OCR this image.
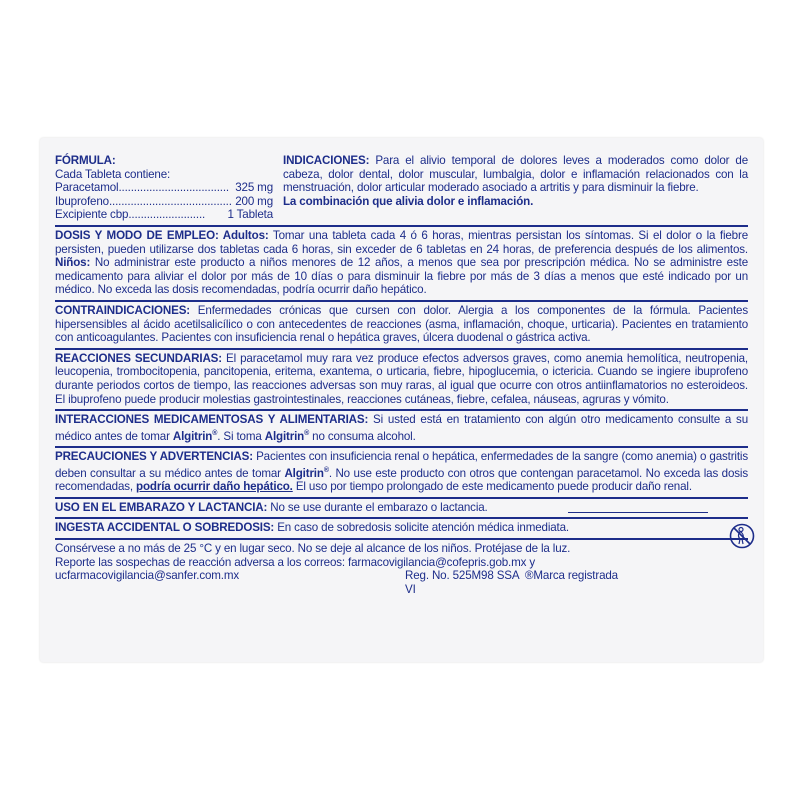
FÓRMULA:

Cada Tableta contiene:

Paracetamol .................................... 325 mg
Ibuprofeno ........................................ 200 mg
Excipiente cbp .........................	1 Tableta

INDICACIONES: Para el alivio temporal de dolores leves a moderados como dolor de cabeza, dolor dental, dolor muscular, lumbalgia, dolor e inflamación relacionados con la menstruación, dolor articular moderado asociado a artritis y para disminuir la fiebre.

La combinación que alivia dolor e inflamación.

DOSIS Y MODO DE EMPLEO: Adultos: Tomar una tableta cada 4 ó 6 horas, mientras persistan los síntomas. Si el dolor o la fiebre persisten, pueden utilizarse dos tabletas cada 6 horas, sin exceder de 6 tabletas en 24 horas, de preferencia después de los alimentos. Niños: No administrar este producto a niños menores de 12 años, a menos que sea por prescripción médica. No se administre este medicamento para aliviar el dolor por más de 10 días o para disminuir la fiebre por más de 3 días a menos que esté indicado por un médico. No exceda las dosis recomendadas, podría ocurrir daño hepático.

CONTRAINDICACIONES: Enfermedades crónicas que cursen con dolor. Alergia a los componentes de la fórmula. Pacientes hipersensibles al ácido acetilsalicílico o con antecedentes de reacciones (asma, inflamación, choque, urticaria). Pacientes en tratamiento con anticoagulantes. Pacientes con insuficiencia renal o hepática graves, úlcera duodenal o gástrica activa.

REACCIONES SECUNDARIAS: El paracetamol muy rara vez produce efectos adversos graves, como anemia hemolítica, neutropenia, leucopenia, trombocitopenia, pancitopenia, eritema, exantema, o urticaria, fiebre, hipoglucemia, o ictericia. Cuando se ingiere ibuprofeno durante periodos cortos de tiempo, las reacciones adversas son muy raras, al igual que ocurre con otros antiinflamatorios no esteroideos. El ibuprofeno puede producir molestias gastrointestinales, reacciones cutáneas, fiebre, cefalea, náuseas, agruras y vómito.

INTERACCIONES MEDICAMENTOSAS Y ALIMENTARIAS: Si usted está en tratamiento con algún otro medicamento consulte a su médico antes de tomar Algitrin®. Si toma Algitrin® no consuma alcohol.

PRECAUCIONES Y ADVERTENCIAS: Pacientes con insuficiencia renal o hepática, enfermedades de la sangre (como anemia) o gastritis deben consultar a su médico antes de tomar Algitrin®. No use este producto con otros que contengan paracetamol. No exceda las dosis recomendadas, podría ocurrir daño hepático. El uso por tiempo prolongado de este medicamento puede producir daño renal.

USO EN EL EMBARAZO Y LACTANCIA: No se use durante el embarazo o lactancia.

INGESTA ACCIDENTAL O SOBREDOSIS: En caso de sobredosis solicite atención médica inmediata.

Consérvese a no más de 25 °C y en lugar seco. No se deje al alcance de los niños. Protéjase de la luz.

Reporte las sospechas de reacción adversa a los correos: farmacovigilancia@cofepris.gob.mx y

ucfarmacovigilancia@sanfer.com.mx	Reg. No. 525M98 SSA VI
®Marca registrada
